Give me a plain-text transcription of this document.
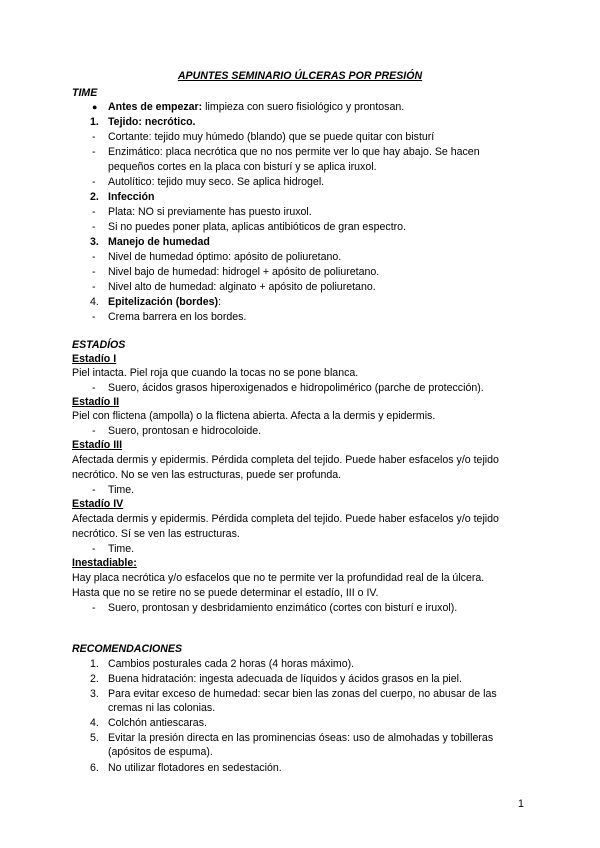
APUNTES SEMINARIO ÚLCERAS POR PRESIÓN
TIME
● Antes de empezar: limpieza con suero fisiológico y prontosan.
1. Tejido: necrótico.
- Cortante: tejido muy húmedo (blando) que se puede quitar con bisturí
- Enzimático: placa necrótica que no nos permite ver lo que hay abajo. Se hacen
pequeños cortes en la placa con bisturí y se aplica iruxol.
- Autolítico: tejido muy seco. Se aplica hidrogel.
2. Infección
- Plata: NO si previamente has puesto iruxol.
- Si no puedes poner plata, aplicas antibióticos de gran espectro.
3. Manejo de humedad
- Nivel de humedad óptimo: apósito de poliuretano.
- Nivel bajo de humedad: hidrogel + apósito de poliuretano.
- Nivel alto de humedad: alginato + apósito de poliuretano.
4. Epitelización (bordes):
- Crema barrera en los bordes.
ESTADÍOS
Estadío I
Piel intacta. Piel roja que cuando la tocas no se pone blanca.
- Suero, ácidos grasos hiperoxigenados e hidropolimérico (parche de protección).
Estadío II
Piel con flictena (ampolla) o la flictena abierta. Afecta a la dermis y epidermis.
- Suero, prontosan e hidrocoloide.
Estadío III
Afectada dermis y epidermis. Pérdida completa del tejido. Puede haber esfacelos y/o tejido
necrótico. No se ven las estructuras, puede ser profunda.
- Time.
Estadío IV
Afectada dermis y epidermis. Pérdida completa del tejido. Puede haber esfacelos y/o tejido
necrótico. Sí se ven las estructuras.
- Time.
Inestadiable:
Hay placa necrótica y/o esfacelos que no te permite ver la profundidad real de la úlcera.
Hasta que no se retire no se puede determinar el estadío, III o IV.
- Suero, prontosan y desbridamiento enzimático (cortes con bisturí e iruxol).
RECOMENDACIONES
1. Cambios posturales cada 2 horas (4 horas máximo).
2. Buena hidratación: ingesta adecuada de líquidos y ácidos grasos en la piel.
3. Para evitar exceso de humedad: secar bien las zonas del cuerpo, no abusar de las
cremas ni las colonias.
4. Colchón antiescaras.
5. Evitar la presión directa en las prominencias óseas: uso de almohadas y tobilleras
(apósitos de espuma).
6. No utilizar flotadores en sedestación.
1
